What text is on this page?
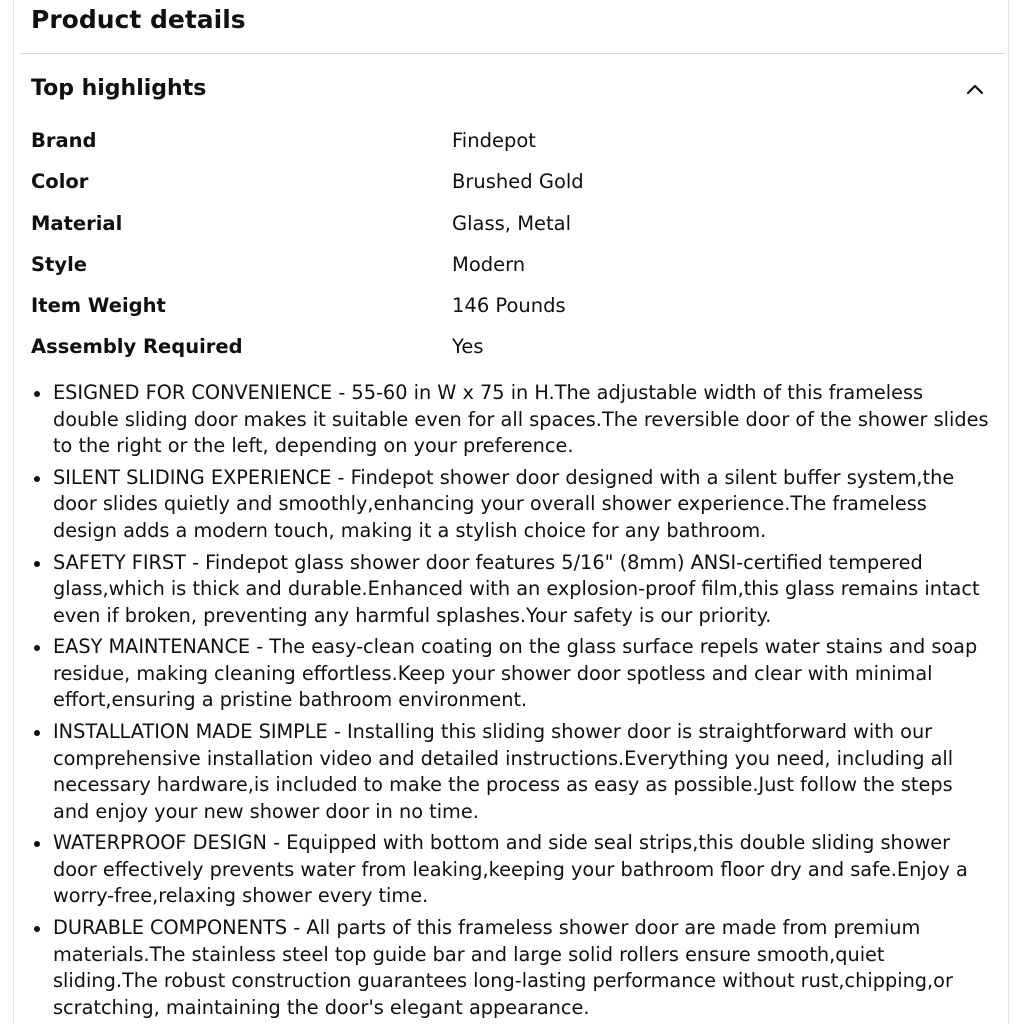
Product details
Top highlights
Brand	Findepot
Color	Brushed Gold
Material	Glass, Metal
Style	Modern
Item Weight	146 Pounds
Assembly Required	Yes
ESIGNED FOR CONVENIENCE - 55-60 in W x 75 in H.The adjustable width of this frameless double sliding door makes it suitable even for all spaces.The reversible door of the shower slides to the right or the left, depending on your preference.
SILENT SLIDING EXPERIENCE - Findepot shower door designed with a silent buffer system,the door slides quietly and smoothly,enhancing your overall shower experience.The frameless design adds a modern touch, making it a stylish choice for any bathroom.
SAFETY FIRST - Findepot glass shower door features 5/16" (8mm) ANSI-certified tempered glass,which is thick and durable.Enhanced with an explosion-proof film,this glass remains intact even if broken, preventing any harmful splashes.Your safety is our priority.
EASY MAINTENANCE - The easy-clean coating on the glass surface repels water stains and soap residue, making cleaning effortless.Keep your shower door spotless and clear with minimal effort,ensuring a pristine bathroom environment.
INSTALLATION MADE SIMPLE - Installing this sliding shower door is straightforward with our comprehensive installation video and detailed instructions.Everything you need, including all necessary hardware,is included to make the process as easy as possible.Just follow the steps and enjoy your new shower door in no time.
WATERPROOF DESIGN - Equipped with bottom and side seal strips,this double sliding shower door effectively prevents water from leaking,keeping your bathroom floor dry and safe.Enjoy a worry-free,relaxing shower every time.
DURABLE COMPONENTS - All parts of this frameless shower door are made from premium materials.The stainless steel top guide bar and large solid rollers ensure smooth,quiet sliding.The robust construction guarantees long-lasting performance without rust,chipping,or scratching, maintaining the door's elegant appearance.
